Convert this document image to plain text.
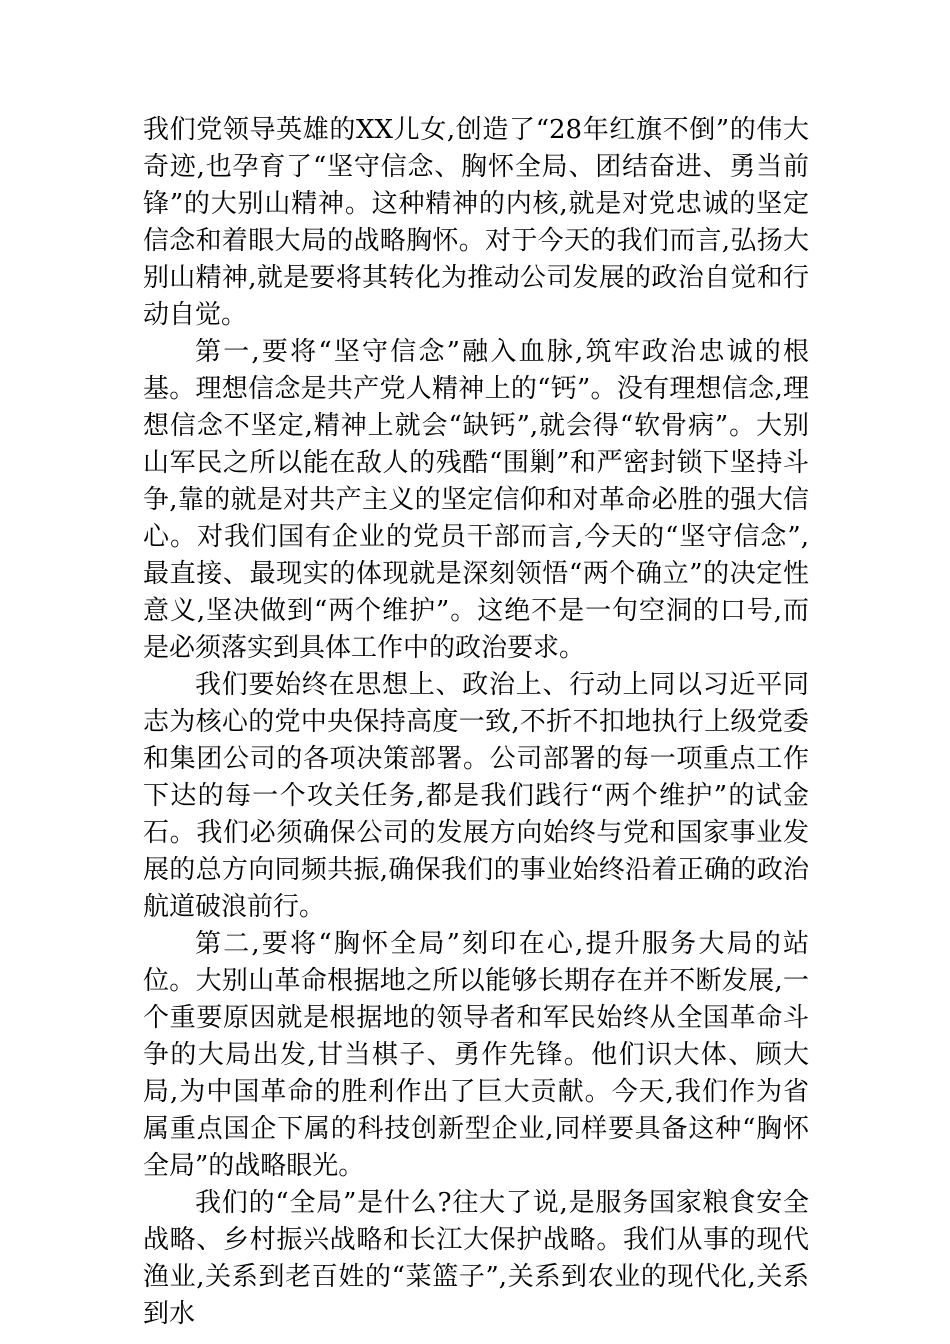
我们党领导英雄的XX儿女,创造了“28年红旗不倒”的伟大奇迹,也孕育了“坚守信念、胸怀全局、团结奋进、勇当前锋”的大别山精神。这种精神的内核,就是对党忠诚的坚定信念和着眼大局的战略胸怀。对于今天的我们而言,弘扬大别山精神,就是要将其转化为推动公司发展的政治自觉和行动自觉。

第一,要将“坚守信念”融入血脉,筑牢政治忠诚的根基。理想信念是共产党人精神上的“钙”。没有理想信念,理想信念不坚定,精神上就会“缺钙”,就会得“软骨病”。大别山军民之所以能在敌人的残酷“围剿”和严密封锁下坚持斗争,靠的就是对共产主义的坚定信仰和对革命必胜的强大信心。对我们国有企业的党员干部而言,今天的“坚守信念”,最直接、最现实的体现就是深刻领悟“两个确立”的决定性意义,坚决做到“两个维护”。这绝不是一句空洞的口号,而是必须落实到具体工作中的政治要求。

我们要始终在思想上、政治上、行动上同以习近平同志为核心的党中央保持高度一致,不折不扣地执行上级党委和集团公司的各项决策部署。公司部署的每一项重点工作下达的每一个攻关任务,都是我们践行“两个维护”的试金石。我们必须确保公司的发展方向始终与党和国家事业发展的总方向同频共振,确保我们的事业始终沿着正确的政治航道破浪前行。

第二,要将“胸怀全局”刻印在心,提升服务大局的站位。大别山革命根据地之所以能够长期存在并不断发展,一个重要原因就是根据地的领导者和军民始终从全国革命斗争的大局出发,甘当棋子、勇作先锋。他们识大体、顾大局,为中国革命的胜利作出了巨大贡献。今天,我们作为省属重点国企下属的科技创新型企业,同样要具备这种“胸怀全局”的战略眼光。

我们的“全局”是什么?往大了说,是服务国家粮食安全战略、乡村振兴战略和长江大保护战略。我们从事的现代渔业,关系到老百姓的“菜篮子”,关系到农业的现代化,关系到水
